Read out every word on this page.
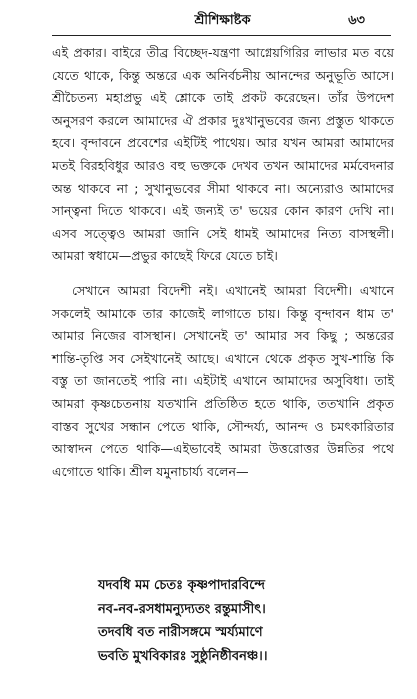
শ্রীশিক্ষাষ্টক	৬৩

এই প্রকার। বাইরে তীব্র বিচ্ছেদ-যন্ত্রণা আগ্নেয়গিরির লাভার মত বয়ে যেতে থাকে, কিন্তু অন্তরে এক অনির্বচনীয় আনন্দের অনুভূতি আসে। শ্রীচৈতন্য মহাপ্রভু এই শ্লোকে তাই প্রকট করেছেন। তাঁর উপদেশ অনুসরণ করলে আমাদের ঐ প্রকার দুঃখানুভবের জন্য প্রস্তুত থাকতে হবে। বৃন্দাবনে প্রবেশের এইটিই পাথেয়। আর যখন আমরা আমাদের মতই বিরহবিধুর আরও বহু ভক্তকে দেখব তখন আমাদের মর্মবেদনার অন্ত থাকবে না ; সুখানুভবের সীমা থাকবে না। অন্যেরাও আমাদের সান্ত্বনা দিতে থাকবে। এই জন্যই ত' ভয়ের কোন কারণ দেখি না। এসব সত্ত্বেও আমরা জানি সেই ধামই আমাদের নিত্য বাসস্থলী। আমরা স্বধামে—প্রভুর কাছেই ফিরে যেতে চাই।

সেখানে আমরা বিদেশী নই। এখানেই আমরা বিদেশী। এখানে সকলেই আমাকে তার কাজেই লাগাতে চায়। কিন্তু বৃন্দাবন ধাম ত' আমার নিজের বাসস্থান। সেখানেই ত' আমার সব কিছু ; অন্তরের শান্তি-তৃপ্তি সব সেইখানেই আছে। এখানে থেকে প্রকৃত সুখ-শান্তি কি বস্তু তা জানতেই পারি না। এইটাই এখানে আমাদের অসুবিধা। তাই আমরা কৃষ্ণচেতনায় যতখানি প্রতিষ্ঠিত হতে থাকি, ততখানি প্রকৃত বাস্তব সুখের সন্ধান পেতে থাকি, সৌন্দর্য্য, আনন্দ ও চমৎকারিতার আস্বাদন পেতে থাকি—এইভাবেই আমরা উত্তরোত্তর উন্নতির পথে এগোতে থাকি। শ্রীল যমুনাচার্য্য বলেন—

যদবধি মম চেতঃ কৃষ্ণপাদারবিন্দে
নব-নব-রসধামন্যুদ্যতং রন্তুমাসীৎ।
তদবধি বত নারীসঙ্গমে স্মর্য্যমাণে
ভবতি মুখবিকারঃ সুষ্ঠুনিষ্ঠীবনঞ্চ।।
